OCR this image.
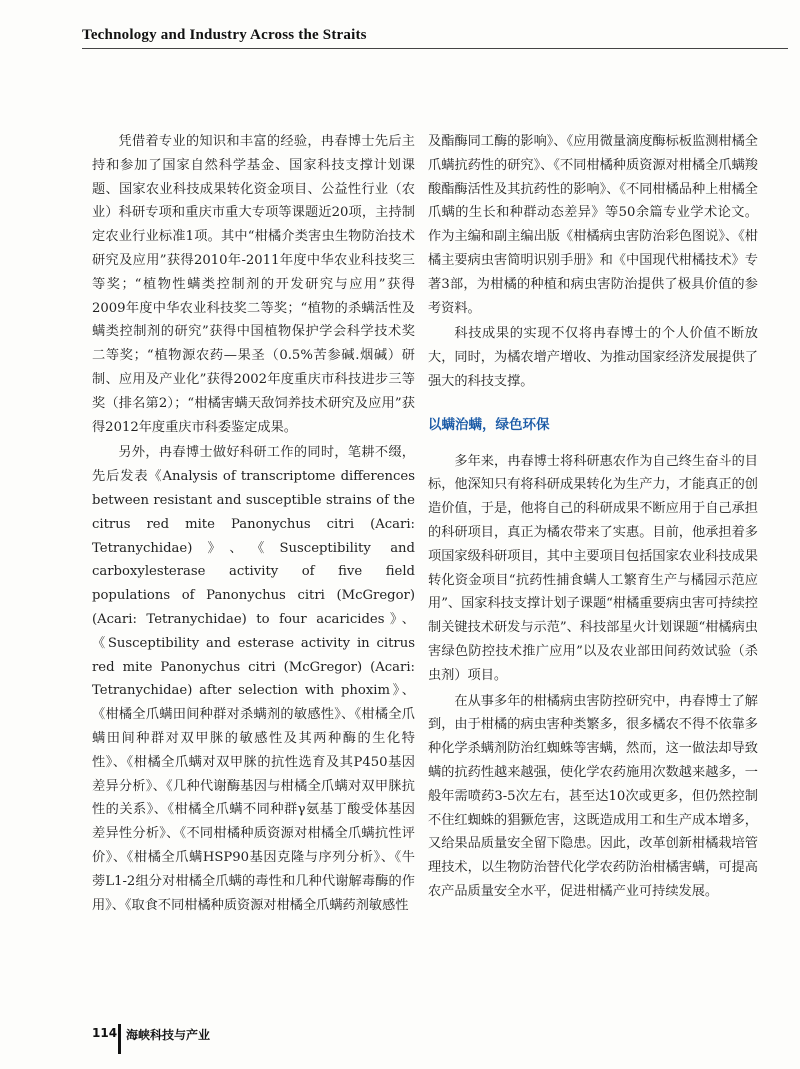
Technology and Industry Across the Straits

凭借着专业的知识和丰富的经验，冉春博士先后主持和参加了国家自然科学基金、国家科技支撑计划课题、国家农业科技成果转化资金项目、公益性行业（农业）科研专项和重庆市重大专项等课题近20项，主持制定农业行业标准1项。其中“柑橘介类害虫生物防治技术研究及应用”获得2010年-2011年度中华农业科技奖三等奖；“植物性螨类控制剂的开发研究与应用”获得2009年度中华农业科技奖二等奖；“植物的杀螨活性及螨类控制剂的研究”获得中国植物保护学会科学技术奖二等奖；“植物源农药—果圣（0.5%苦参碱.烟碱）研制、应用及产业化”获得2002年度重庆市科技进步三等奖（排名第2）；“柑橘害螨天敌饲养技术研究及应用”获得2012年度重庆市科委鉴定成果。

另外，冉春博士做好科研工作的同时，笔耕不缀，先后发表《Analysis of transcriptome differences between resistant and susceptible strains of the citrus red mite Panonychus citri (Acari: Tetranychidae)》、《Susceptibility and carboxylesterase activity of five field populations of Panonychus citri (McGregor) (Acari: Tetranychidae) to four acaricides》、《Susceptibility and esterase activity in citrus red mite Panonychus citri (McGregor) (Acari: Tetranychidae) after selection with phoxim》、《柑橘全爪螨田间种群对杀螨剂的敏感性》、《柑橘全爪螨田间种群对双甲脒的敏感性及其两种酶的生化特性》、《柑橘全爪螨对双甲脒的抗性选育及其P450基因差异分析》、《几种代谢酶基因与柑橘全爪螨对双甲脒抗性的关系》、《柑橘全爪螨不同种群γ氨基丁酸受体基因差异性分析》、《不同柑橘种质资源对柑橘全爪螨抗性评价》、《柑橘全爪螨HSP90基因克隆与序列分析》、《牛蒡L1-2组分对柑橘全爪螨的毒性和几种代谢解毒酶的作用》、《取食不同柑橘种质资源对柑橘全爪螨药剂敏感性

及酯酶同工酶的影响》、《应用微量滴度酶标板监测柑橘全爪螨抗药性的研究》、《不同柑橘种质资源对柑橘全爪螨羧酸酯酶活性及其抗药性的影响》、《不同柑橘品种上柑橘全爪螨的生长和种群动态差异》等50余篇专业学术论文。作为主编和副主编出版《柑橘病虫害防治彩色图说》、《柑橘主要病虫害简明识别手册》和《中国现代柑橘技术》专著3部，为柑橘的种植和病虫害防治提供了极具价值的参考资料。

科技成果的实现不仅将冉春博士的个人价值不断放大，同时，为橘农增产增收、为推动国家经济发展提供了强大的科技支撑。

以螨治螨，绿色环保

多年来，冉春博士将科研惠农作为自己终生奋斗的目标，他深知只有将科研成果转化为生产力，才能真正的创造价值，于是，他将自己的科研成果不断应用于自己承担的科研项目，真正为橘农带来了实惠。目前，他承担着多项国家级科研项目，其中主要项目包括国家农业科技成果转化资金项目“抗药性捕食螨人工繁育生产与橘园示范应用”、国家科技支撑计划子课题“柑橘重要病虫害可持续控制关键技术研发与示范”、科技部星火计划课题“柑橘病虫害绿色防控技术推广应用”以及农业部田间药效试验（杀虫剂）项目。

在从事多年的柑橘病虫害防控研究中，冉春博士了解到，由于柑橘的病虫害种类繁多，很多橘农不得不依靠多种化学杀螨剂防治红蜘蛛等害螨，然而，这一做法却导致螨的抗药性越来越强，使化学农药施用次数越来越多，一般年需喷药3-5次左右，甚至达10次或更多，但仍然控制不住红蜘蛛的猖獗危害，这既造成用工和生产成本增多，又给果品质量安全留下隐患。因此，改革创新柑橘栽培管理技术，以生物防治替代化学农药防治柑橘害螨，可提高农产品质量安全水平，促进柑橘产业可持续发展。

114 海峡科技与产业
